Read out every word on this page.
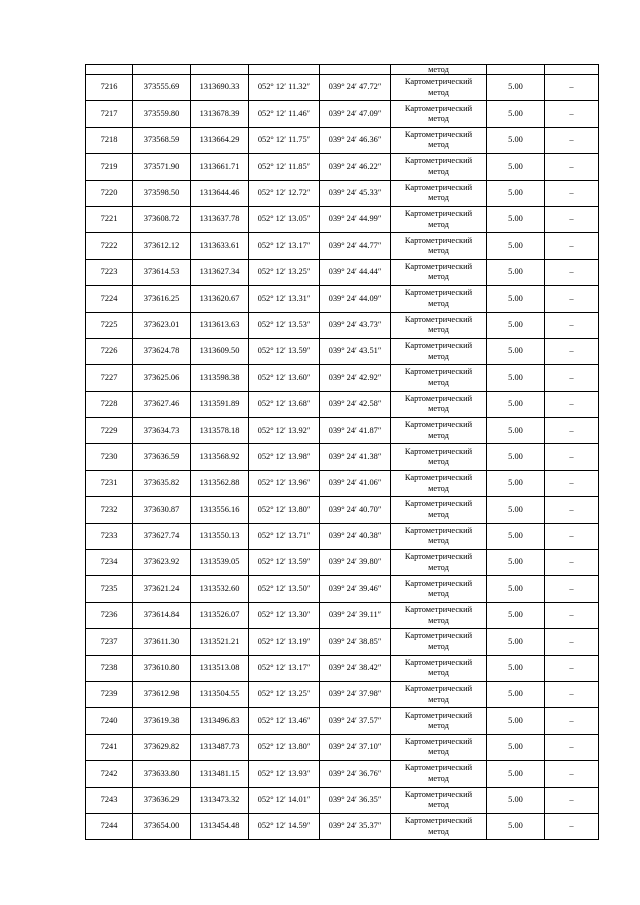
					метод		

7216	373555.69	1313690.33	052° 12′ 11.32″	039° 24′ 47.72″	Картометрический
метод	5.00	–
7217	373559.80	1313678.39	052° 12′ 11.46″	039° 24′ 47.09″	Картометрический
метод	5.00	–
7218	373568.59	1313664.29	052° 12′ 11.75″	039° 24′ 46.36″	Картометрический
метод	5.00	–
7219	373571.90	1313661.71	052° 12′ 11.85″	039° 24′ 46.22″	Картометрический
метод	5.00	–
7220	373598.50	1313644.46	052° 12′ 12.72″	039° 24′ 45.33″	Картометрический
метод	5.00	–
7221	373608.72	1313637.78	052° 12′ 13.05″	039° 24′ 44.99″	Картометрический
метод	5.00	–
7222	373612.12	1313633.61	052° 12′ 13.17″	039° 24′ 44.77″	Картометрический
метод	5.00	–
7223	373614.53	1313627.34	052° 12′ 13.25″	039° 24′ 44.44″	Картометрический
метод	5.00	–
7224	373616.25	1313620.67	052° 12′ 13.31″	039° 24′ 44.09″	Картометрический
метод	5.00	–
7225	373623.01	1313613.63	052° 12′ 13.53″	039° 24′ 43.73″	Картометрический
метод	5.00	–
7226	373624.78	1313609.50	052° 12′ 13.59″	039° 24′ 43.51″	Картометрический
метод	5.00	–
7227	373625.06	1313598.38	052° 12′ 13.60″	039° 24′ 42.92″	Картометрический
метод	5.00	–
7228	373627.46	1313591.89	052° 12′ 13.68″	039° 24′ 42.58″	Картометрический
метод	5.00	–
7229	373634.73	1313578.18	052° 12′ 13.92″	039° 24′ 41.87″	Картометрический
метод	5.00	–
7230	373636.59	1313568.92	052° 12′ 13.98″	039° 24′ 41.38″	Картометрический
метод	5.00	–
7231	373635.82	1313562.88	052° 12′ 13.96″	039° 24′ 41.06″	Картометрический
метод	5.00	–
7232	373630.87	1313556.16	052° 12′ 13.80″	039° 24′ 40.70″	Картометрический
метод	5.00	–
7233	373627.74	1313550.13	052° 12′ 13.71″	039° 24′ 40.38″	Картометрический
метод	5.00	–
7234	373623.92	1313539.05	052° 12′ 13.59″	039° 24′ 39.80″	Картометрический
метод	5.00	–
7235	373621.24	1313532.60	052° 12′ 13.50″	039° 24′ 39.46″	Картометрический
метод	5.00	–
7236	373614.84	1313526.07	052° 12′ 13.30″	039° 24′ 39.11″	Картометрический
метод	5.00	–
7237	373611.30	1313521.21	052° 12′ 13.19″	039° 24′ 38.85″	Картометрический
метод	5.00	–
7238	373610.80	1313513.08	052° 12′ 13.17″	039° 24′ 38.42″	Картометрический
метод	5.00	–
7239	373612.98	1313504.55	052° 12′ 13.25″	039° 24′ 37.98″	Картометрический
метод	5.00	–
7240	373619.38	1313496.83	052° 12′ 13.46″	039° 24′ 37.57″	Картометрический
метод	5.00	–
7241	373629.82	1313487.73	052° 12′ 13.80″	039° 24′ 37.10″	Картометрический
метод	5.00	–
7242	373633.80	1313481.15	052° 12′ 13.93″	039° 24′ 36.76″	Картометрический
метод	5.00	–
7243	373636.29	1313473.32	052° 12′ 14.01″	039° 24′ 36.35″	Картометрический
метод	5.00	–
7244	373654.00	1313454.48	052° 12′ 14.59″	039° 24′ 35.37″	Картометрический
метод	5.00	–
